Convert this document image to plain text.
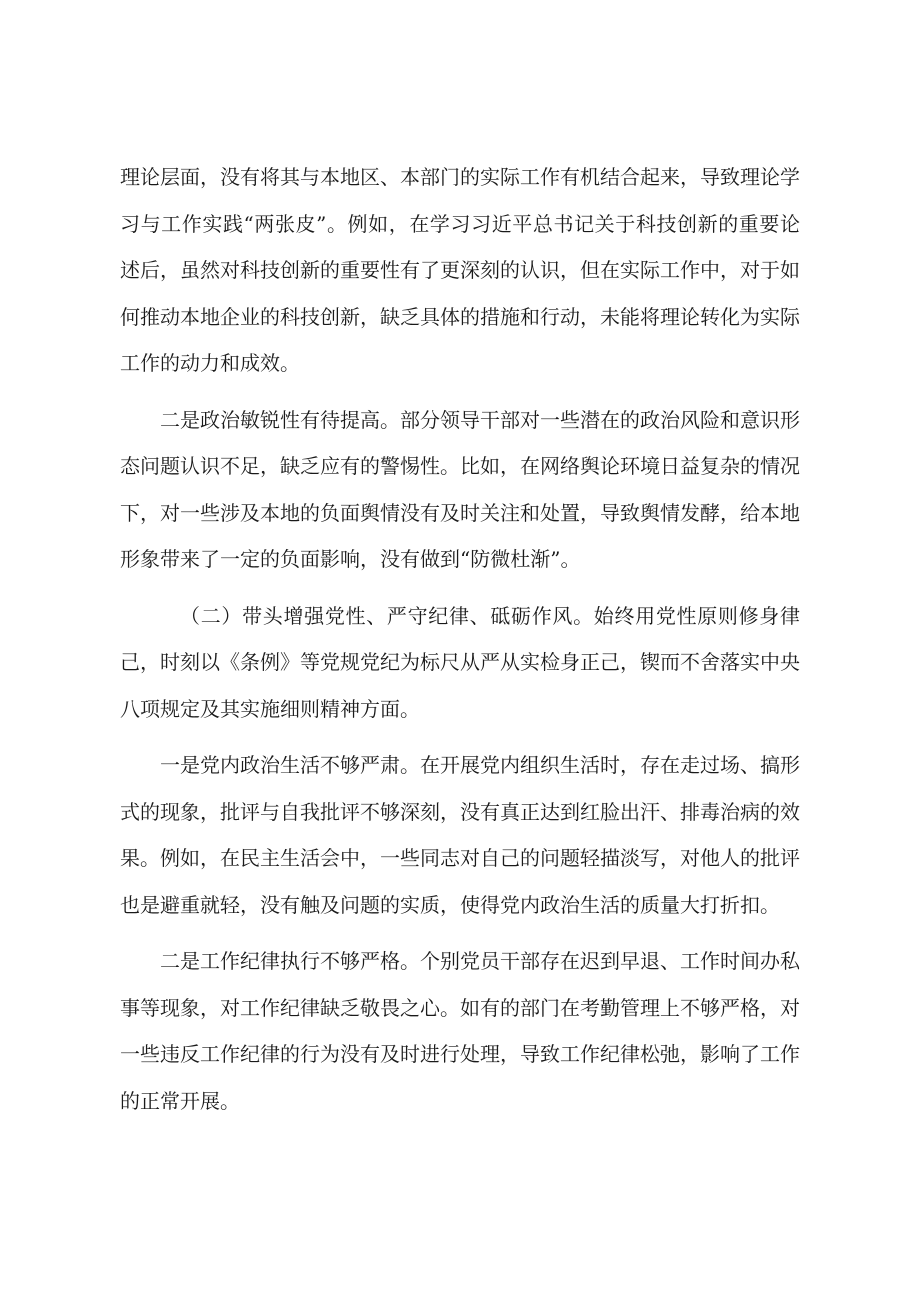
理论层面，没有将其与本地区、本部门的实际工作有机结合起来，导致理论学习与工作实践“两张皮”。例如，在学习习近平总书记关于科技创新的重要论述后，虽然对科技创新的重要性有了更深刻的认识，但在实际工作中，对于如何推动本地企业的科技创新，缺乏具体的措施和行动，未能将理论转化为实际工作的动力和成效。

二是政治敏锐性有待提高。部分领导干部对一些潜在的政治风险和意识形态问题认识不足，缺乏应有的警惕性。比如，在网络舆论环境日益复杂的情况下，对一些涉及本地的负面舆情没有及时关注和处置，导致舆情发酵，给本地形象带来了一定的负面影响，没有做到“防微杜渐”。

（二）带头增强党性、严守纪律、砥砺作风。始终用党性原则修身律己，时刻以《条例》等党规党纪为标尺从严从实检身正己，锲而不舍落实中央八项规定及其实施细则精神方面。

一是党内政治生活不够严肃。在开展党内组织生活时，存在走过场、搞形式的现象，批评与自我批评不够深刻，没有真正达到红脸出汗、排毒治病的效果。例如，在民主生活会中，一些同志对自己的问题轻描淡写，对他人的批评也是避重就轻，没有触及问题的实质，使得党内政治生活的质量大打折扣。

二是工作纪律执行不够严格。个别党员干部存在迟到早退、工作时间办私事等现象，对工作纪律缺乏敬畏之心。如有的部门在考勤管理上不够严格，对一些违反工作纪律的行为没有及时进行处理，导致工作纪律松弛，影响了工作的正常开展。
